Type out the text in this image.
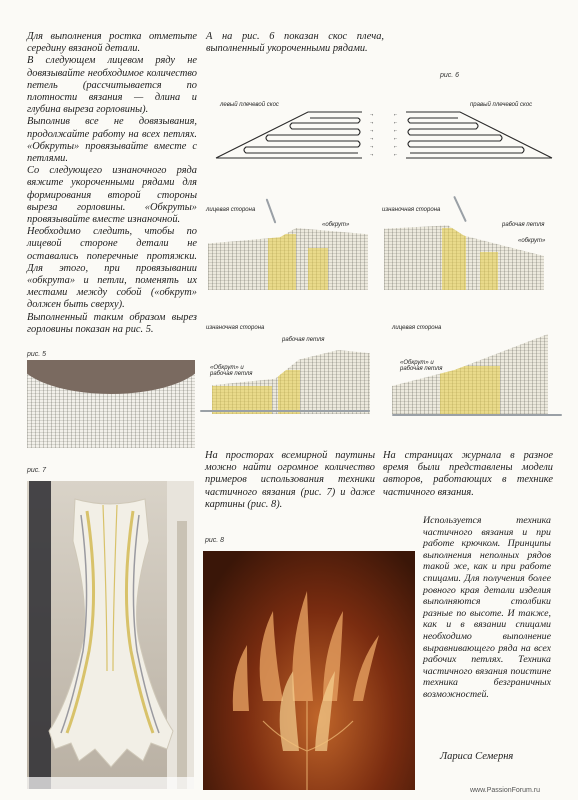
Для выполнения ростка отметьте середину вязаной детали.

В следующем лицевом ряду не довязывайте необходимое количество петель (рассчитывается по плотности вязания — длина и глубина выреза горловины).

Выполнив все не довязывания, продолжайте работу на всех петлях. «Обкруты» провязывайте вместе с петлями.

Со следующего изнаночного ряда вяжите укороченными рядами для формирования второй стороны выреза горловины. «Обкруты» провязывайте вместе изнаночной.

Необходимо следить, чтобы по лицевой стороне детали не оставались поперечные протяжки. Для этого, при провязывании «обкрута» и петли, поменять их местами между собой («обкрут» должен быть сверху).

Выполненный таким образом вырез горловины показан на рис. 5.

А на рис. 6 показан скос плеча, выполненный укороченными рядами.
рис. 6
левый плечевой скос	правый плечевой скос
→
→
→
→
→
→
←
←
←
←
←
←
лицевая сторона
«обкрут»
изнаночная сторона
рабочая петля
«обкрут»
изнаночная сторона
рабочая петля
«Обкрут» и рабочая петля
лицевая сторона
«Обкрут» и рабочая петля
рис. 5
рис. 7
На просторах всемирной паутины можно найти огромное количество примеров использования техники частичного вязания (рис. 7) и даже картины (рис. 8).
На страницах журнала в разное время были представлены модели авторов, работающих в технике частичного вязания.
рис. 8
Используется техника частичного вязания и при работе крючком. Принципы выполнения неполных рядов такой же, как и при работе спицами. Для получения более ровного края детали изделия выполняются столбики разные по высоте. И также, как и в вязании спицами необходимо выполнение выравнивающего ряда на всех рабочих петлях. Техника частичного вязания поистине техника безграничных возможностей.
Лариса Семерня
www.PassionForum.ru
